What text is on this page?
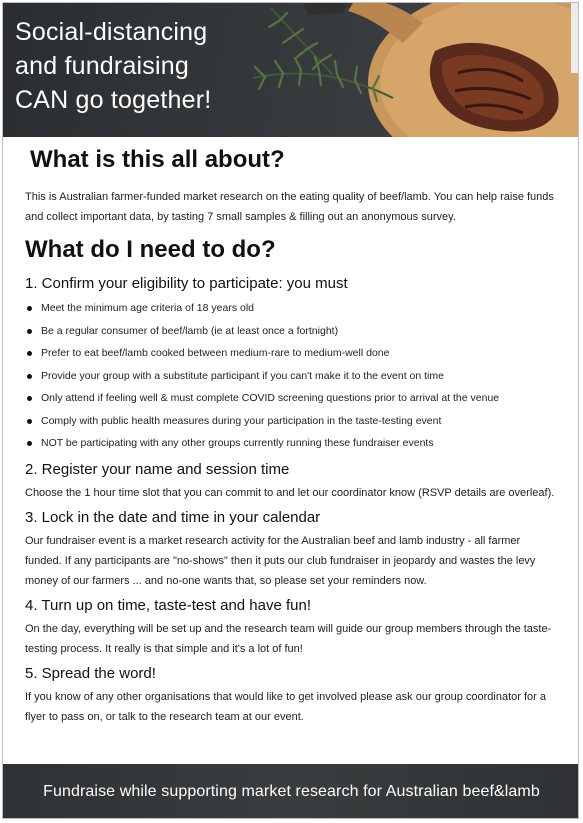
Social-distancing
and fundraising
CAN go together!
What is this all about?

This is Australian farmer-funded market research on the eating quality of beef/lamb. You can help raise funds and collect important data, by tasting 7 small samples & filling out an anonymous survey.

What do I need to do?
1. Confirm your eligibility to participate: you must
Meet the minimum age criteria of 18 years old
Be a regular consumer of beef/lamb (ie at least once a fortnight)
Prefer to eat beef/lamb cooked between medium-rare to medium-well done
Provide your group with a substitute participant if you can't make it to the event on time
Only attend if feeling well & must complete COVID screening questions prior to arrival at the venue
Comply with public health measures during your participation in the taste-testing event
NOT be participating with any other groups currently running these fundraiser events
2. Register your name and session time

Choose the 1 hour time slot that you can commit to and let our coordinator know (RSVP details are overleaf).

3. Lock in the date and time in your calendar

Our fundraiser event is a market research activity for the Australian beef and lamb industry - all farmer funded. If any participants are "no-shows" then it puts our club fundraiser in jeopardy and wastes the levy money of our farmers ... and no-one wants that, so please set your reminders now.

4. Turn up on time, taste-test and have fun!

On the day, everything will be set up and the research team will guide our group members through the taste-testing process. It really is that simple and it's a lot of fun!

5. Spread the word!

If you know of any other organisations that would like to get involved please ask our group coordinator for a flyer to pass on, or talk to the research team at our event.

Fundraise while supporting market research for Australian beef&lamb
